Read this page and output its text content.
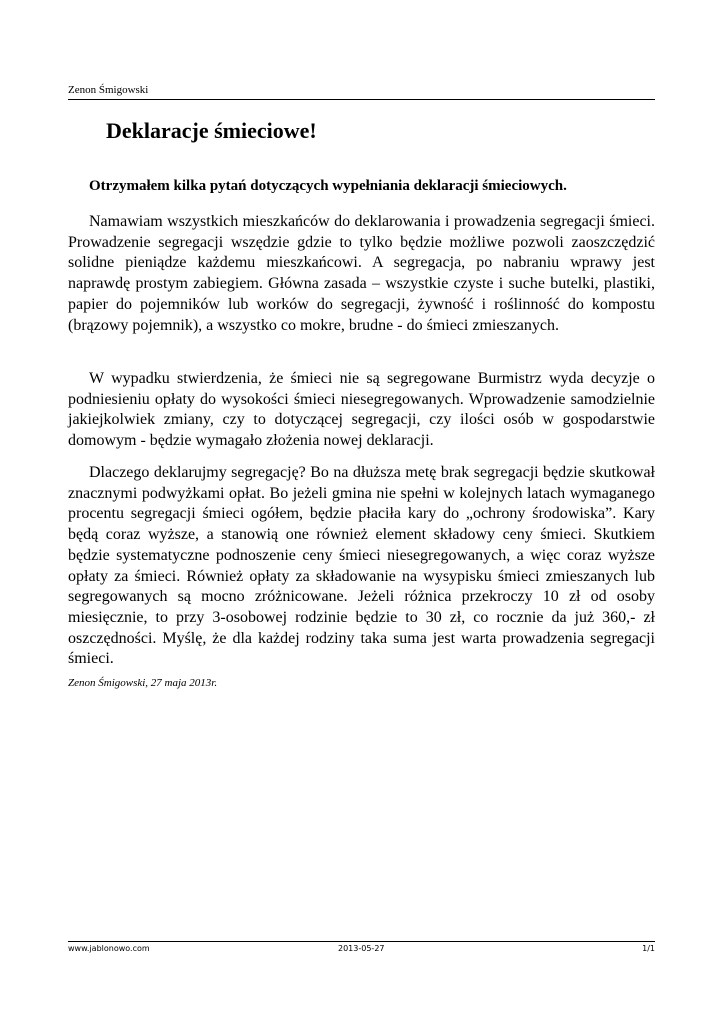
Zenon Śmigowski
Deklaracje śmieciowe!

Otrzymałem kilka pytań dotyczących wypełniania deklaracji śmieciowych.

Namawiam wszystkich mieszkańców do deklarowania i prowadzenia segregacji śmieci. Prowadzenie segregacji wszędzie gdzie to tylko będzie możliwe pozwoli zaoszczędzić solidne pieniądze każdemu mieszkańcowi. A segregacja, po nabraniu wprawy jest naprawdę prostym zabiegiem. Główna zasada – wszystkie czyste i suche butelki, plastiki, papier do pojemników lub worków do segregacji, żywność i roślinność do kompostu (brązowy pojemnik), a wszystko co mokre, brudne - do śmieci zmieszanych.

W wypadku stwierdzenia, że śmieci nie są segregowane Burmistrz wyda decyzje o podniesieniu opłaty do wysokości śmieci niesegregowanych. Wprowadzenie samodzielnie jakiejkolwiek zmiany, czy to dotyczącej segregacji, czy ilości osób w gospodarstwie domowym - będzie wymagało złożenia nowej deklaracji.

Dlaczego deklarujmy segregację? Bo na dłuższa metę brak segregacji będzie skutkował znacznymi podwyżkami opłat. Bo jeżeli gmina nie spełni w kolejnych latach wymaganego procentu segregacji śmieci ogółem, będzie płaciła kary do „ochrony środowiska”. Kary będą coraz wyższe, a stanowią one również element składowy ceny śmieci. Skutkiem będzie systematyczne podnoszenie ceny śmieci niesegregowanych, a więc coraz wyższe opłaty za śmieci. Również opłaty za składowanie na wysypisku śmieci zmieszanych lub segregowanych są mocno zróżnicowane. Jeżeli różnica przekroczy 10 zł od osoby miesięcznie, to przy 3-osobowej rodzinie będzie to 30 zł, co rocznie da już 360,- zł oszczędności. Myślę, że dla każdej rodziny taka suma jest warta prowadzenia segregacji śmieci.

Zenon Śmigowski, 27 maja 2013r.
www.jablonowo.com	2013-05-27	1/1
